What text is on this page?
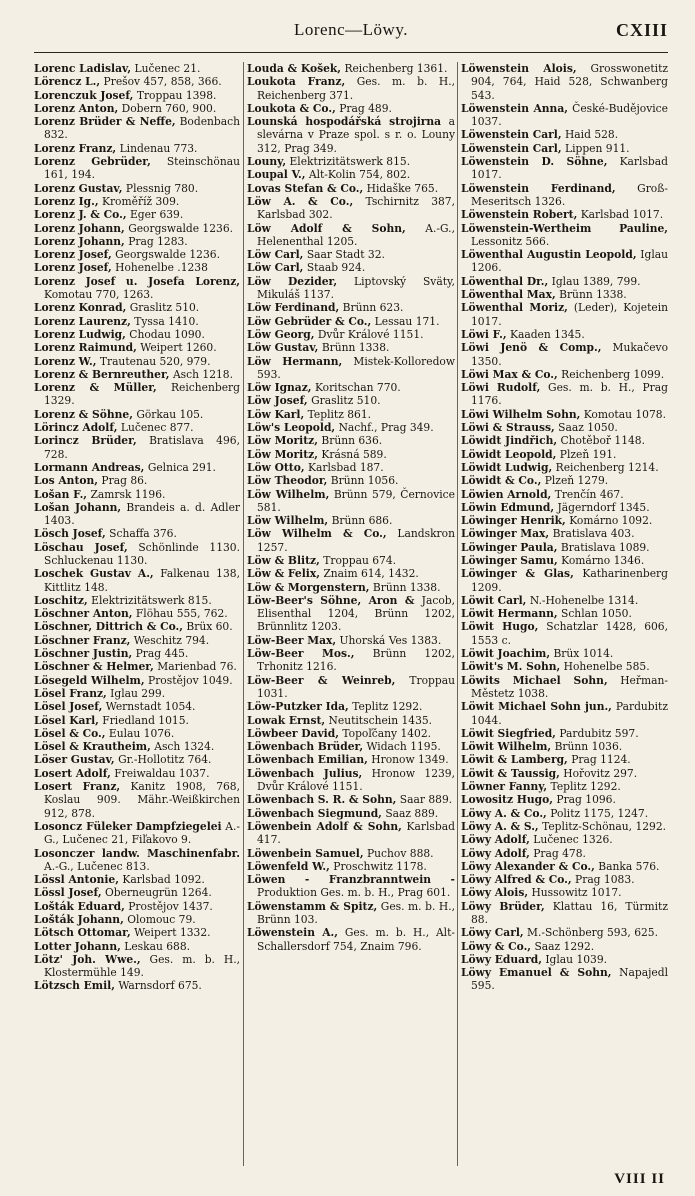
Lorenc—Löwy.	CXIII

Lorenc Ladislav, Lučenec 21.

Lörencz L., Prešov 457, 858, 366.

Lorenczuk Josef, Troppau 1398.

Lorenz Anton, Dobern 760, 900.

Lorenz Brüder & Neffe, Bodenbach 832.

Lorenz Franz, Lindenau 773.

Lorenz Gebrüder, Steinschönau 161, 194.

Lorenz Gustav, Plessnig 780.

Lorenz Ig., Kroměříž 309.

Lorenz J. & Co., Eger 639.

Lorenz Johann, Georgswalde 1236.

Lorenz Johann, Prag 1283.

Lorenz Josef, Georgswalde 1236.

Lorenz Josef, Hohenelbe .1238

Lorenz Josef u. Josefa Lorenz, Komotau 770, 1263.

Lorenz Konrad, Graslitz 510.

Lorenz Laurenz, Tyssa 1410.

Lorenz Ludwig, Chodau 1090.

Lorenz Raimund, Weipert 1260.

Lorenz W., Trautenau 520, 979.

Lorenz & Bernreuther, Asch 1218.

Lorenz & Müller, Reichenberg 1329.

Lorenz & Söhne, Görkau 105.

Lörincz Adolf, Lučenec 877.

Lorincz Brüder, Bratislava 496, 728.

Lormann Andreas, Gelnica 291.

Los Anton, Prag 86.

Lošan F., Zamrsk 1196.

Lošan Johann, Brandeis a. d. Adler 1403.

Lösch Josef, Schaffa 376.

Löschau Josef, Schönlinde 1130. Schluckenau 1130.

Loschek Gustav A., Falkenau 138, Kittlitz 148.

Loschitz, Elektrizitätswerk 815.

Löschner Anton, Flöhau 555, 762.

Löschner, Dittrich & Co., Brüx 60.

Löschner Franz, Weschitz 794.

Löschner Justin, Prag 445.

Löschner & Helmer, Marienbad 76.

Lösegeld Wilhelm, Prostějov 1049.

Lösel Franz, Iglau 299.

Lösel Josef, Wernstadt 1054.

Lösel Karl, Friedland 1015.

Lösel & Co., Eulau 1076.

Lösel & Krautheim, Asch 1324.

Löser Gustav, Gr.-Hollotitz 764.

Losert Adolf, Freiwaldau 1037.

Losert Franz, Kanitz 1908, 768, Koslau 909. Mähr.-Weißkirchen 912, 878.

Losoncz Füleker Dampfziegelei A.-G., Lučenec 21, Fiľakovo 9.

Losonczer landw. Maschinenfabr. A.-G., Lučenec 813.

Lössl Antonie, Karlsbad 1092.

Lössl Josef, Oberneugrün 1264.

Lošták Eduard, Prostějov 1437.

Lošták Johann, Olomouc 79.

Lötsch Ottomar, Weipert 1332.

Lotter Johann, Leskau 688.

Lötz' Joh. Wwe., Ges. m. b. H., Klostermühle 149.

Lötzsch Emil, Warnsdorf 675.

Louda & Košek, Reichenberg 1361.

Loukota Franz, Ges. m. b. H., Reichenberg 371.

Loukota & Co., Prag 489.

Lounská hospodářská strojirna a slevárna v Praze spol. s r. o. Louny 312, Prag 349.

Louny, Elektrizitätswerk 815.

Loupal V., Alt-Kolin 754, 802.

Lovas Stefan & Co., Hidaške 765.

Löw A. & Co., Tschirnitz 387, Karlsbad 302.

Löw Adolf & Sohn, A.-G., Helenenthal 1205.

Löw Carl, Saar Stadt 32.

Löw Carl, Staab 924.

Löw Dezider, Liptovský Sväty, Mikuláš 1137.

Löw Ferdinand, Brünn 623.

Löw Gebrüder & Co., Lessau 171.

Löw Georg, Dvůr Králové 1151.

Löw Gustav, Brünn 1338.

Löw Hermann, Mistek-Kolloredow 593.

Löw Ignaz, Koritschan 770.

Löw Josef, Graslitz 510.

Löw Karl, Teplitz 861.

Löw's Leopold, Nachf., Prag 349.

Löw Moritz, Brünn 636.

Löw Moritz, Krásná 589.

Löw Otto, Karlsbad 187.

Löw Theodor, Brünn 1056.

Löw Wilhelm, Brünn 579, Černovice 581.

Löw Wilhelm, Brünn 686.

Löw Wilhelm & Co., Landskron 1257.

Löw & Blitz, Troppau 674.

Löw & Felix, Znaim 614, 1432.

Löw & Morgenstern, Brünn 1338.

Löw-Beer's Söhne, Aron & Jacob, Elisenthal 1204, Brünn 1202, Brünnlitz 1203.

Löw-Beer Max, Uhorská Ves 1383.

Löw-Beer Mos., Brünn 1202, Trhonitz 1216.

Löw-Beer & Weinreb, Troppau 1031.

Löw-Putzker Ida, Teplitz 1292.

Lowak Ernst, Neutitschein 1435.

Löwbeer David, Topoľčany 1402.

Löwenbach Brüder, Widach 1195.

Löwenbach Emilian, Hronow 1349.

Löwenbach Julius, Hronow 1239, Dvůr Králové 1151.

Löwenbach S. R. & Sohn, Saar 889.

Löwenbach Siegmund, Saaz 889.

Löwenbein Adolf & Sohn, Karlsbad 417.

Löwenbein Samuel, Puchov 888.

Löwenfeld W., Proschwitz 1178.

Löwen - Franzbranntwein - Produktion Ges. m. b. H., Prag 601.

Löwenstamm & Spitz, Ges. m. b. H., Brünn 103.

Löwenstein A., Ges. m. b. H., Alt-Schallersdorf 754, Znaim 796.

Löwenstein Alois, Grosswonetitz 904, 764, Haid 528, Schwanberg 543.

Löwenstein Anna, České-Budějovice 1037.

Löwenstein Carl, Haid 528.

Löwenstein Carl, Lippen 911.

Löwenstein D. Söhne, Karlsbad 1017.

Löwenstein Ferdinand, Groß-Meseritsch 1326.

Löwenstein Robert, Karlsbad 1017.

Löwenstein-Wertheim Pauline, Lessonitz 566.

Löwenthal Augustin Leopold, Iglau 1206.

Löwenthal Dr., Iglau 1389, 799.

Löwenthal Max, Brünn 1338.

Löwenthal Moriz, (Leder), Kojetein 1017.

Löwi F., Kaaden 1345.

Löwi Jenö & Comp., Mukačevo 1350.

Löwi Max & Co., Reichenberg 1099.

Löwi Rudolf, Ges. m. b. H., Prag 1176.

Löwi Wilhelm Sohn, Komotau 1078.

Löwi & Strauss, Saaz 1050.

Löwidt Jindřich, Chotěboř 1148.

Löwidt Leopold, Plzeň 191.

Löwidt Ludwig, Reichenberg 1214.

Löwidt & Co., Plzeň 1279.

Löwien Arnold, Trenčín 467.

Löwin Edmund, Jägerndorf 1345.

Löwinger Henrik, Komárno 1092.

Löwinger Max, Bratislava 403.

Löwinger Paula, Bratislava 1089.

Löwinger Samu, Komárno 1346.

Löwinger & Glas, Katharinenberg 1209.

Löwit Carl, N.-Hohenelbe 1314.

Löwit Hermann, Schlan 1050.

Löwit Hugo, Schatzlar 1428, 606, 1553 c.

Löwit Joachim, Brüx 1014.

Löwit's M. Sohn, Hohenelbe 585.

Löwits Michael Sohn, Heřman-Městetz 1038.

Löwit Michael Sohn jun., Pardubitz 1044.

Löwit Siegfried, Pardubitz 597.

Löwit Wilhelm, Brünn 1036.

Löwit & Lamberg, Prag 1124.

Löwit & Taussig, Hořovitz 297.

Löwner Fanny, Teplitz 1292.

Lowositz Hugo, Prag 1096.

Löwy A. & Co., Politz 1175, 1247.

Löwy A. & S., Teplitz-Schönau, 1292.

Löwy Adolf, Lučenec 1326.

Löwy Adolf, Prag 478.

Löwy Alexander & Co., Banka 576.

Löwy Alfred & Co., Prag 1083.

Löwy Alois, Hussowitz 1017.

Löwy Brüder, Klattau 16, Türmitz 88.

Löwy Carl, M.-Schönberg 593, 625.

Löwy & Co., Saaz 1292.

Löwy Eduard, Iglau 1039.

Löwy Emanuel & Sohn, Napajedl 595.

VIII II
